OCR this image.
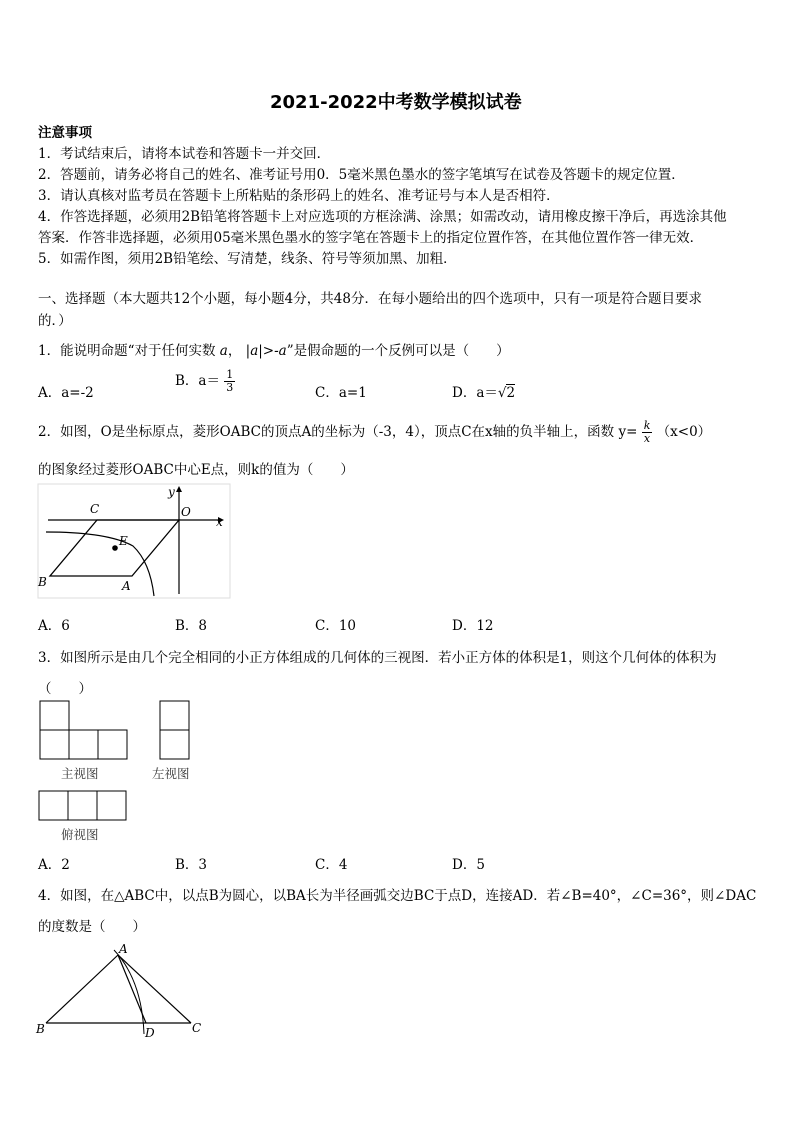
2021-2022中考数学模拟试卷
注意事项
1．考试结束后，请将本试卷和答题卡一并交回．
2．答题前，请务必将自己的姓名、准考证号用0．5毫米黑色墨水的签字笔填写在试卷及答题卡的规定位置．
3．请认真核对监考员在答题卡上所粘贴的条形码上的姓名、准考证号与本人是否相符．
4．作答选择题，必须用2B铅笔将答题卡上对应选项的方框涂满、涂黑；如需改动，请用橡皮擦干净后，再选涂其他
答案．作答非选择题，必须用05毫米黑色墨水的签字笔在答题卡上的指定位置作答，在其他位置作答一律无效．
5．如需作图，须用2B铅笔绘、写清楚，线条、符号等须加黑、加粗．
一、选择题（本大题共12个小题，每小题4分，共48分．在每小题给出的四个选项中，只有一项是符合题目要求
的．）
1．能说明命题“对于任何实数 a， |a|>-a”是假命题的一个反例可以是（　　）
A．a=-2
B．$a= \frac{1}{3}$	C．a=1	D．a＝√2
2．如图，O是坐标原点，菱形OABC的顶点A的坐标为（-3，4），顶点C在x轴的负半轴上，函数 $y= \frac{k}{x} (x<0)$
的图象经过菱形OABC中心E点，则k的值为（　　）
y
O
x
C
E
B	A
A．6	B．8	C．10	D．12
3．如图所示是由几个完全相同的小正方体组成的几何体的三视图．若小正方体的体积是1，则这个几何体的体积为
（　　）
主视图	左视图
俯视图
A．2	B．3	C．4	D．5
4．如图，在△ABC中，以点B为圆心，以BA长为半径画弧交边BC于点D，连接AD．若∠B=40°，∠C=36°，则∠DAC
的度数是（　　）
A
B	D	C
